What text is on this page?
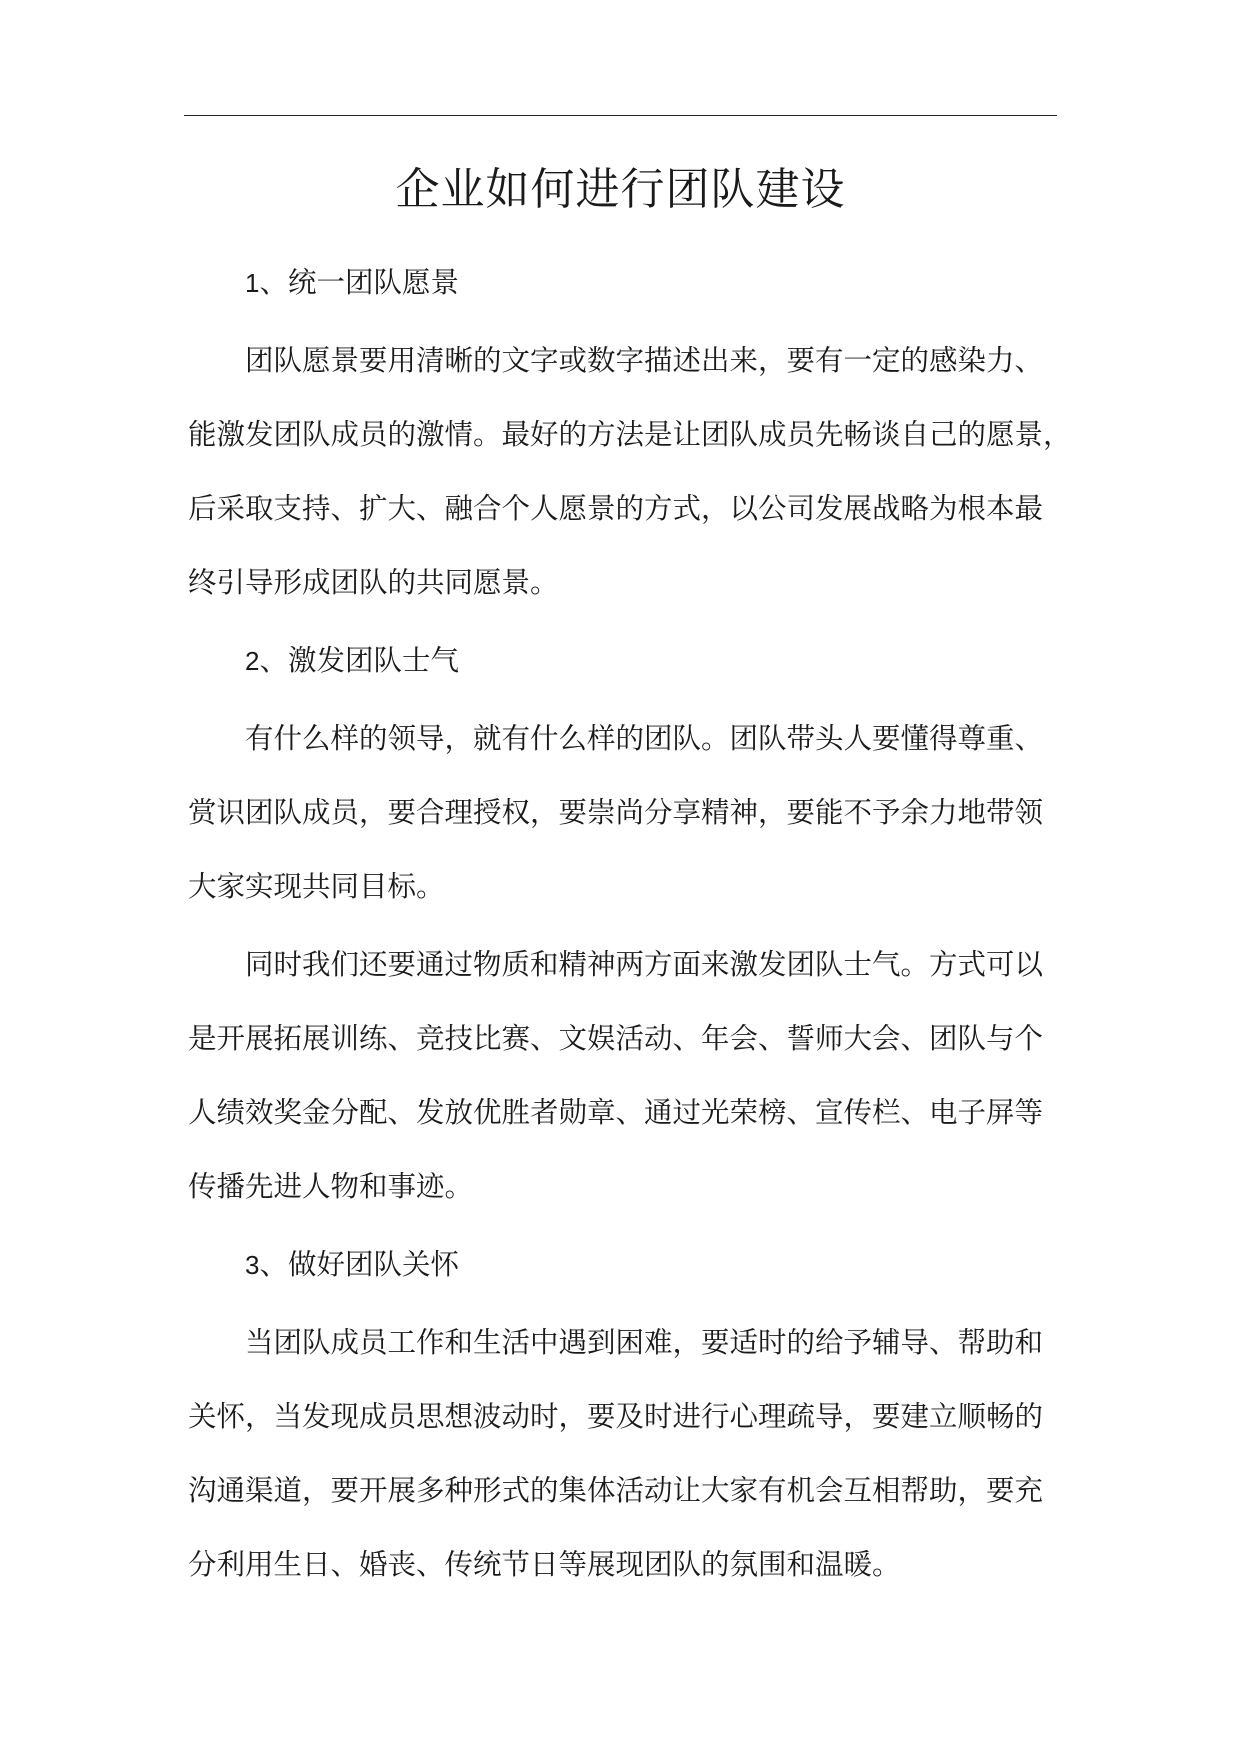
企业如何进行团队建设
1、统一团队愿景
团队愿景要用清晰的文字或数字描述出来，要有一定的感染力、
能激发团队成员的激情。最好的方法是让团队成员先畅谈自己的愿景，
后采取支持、扩大、融合个人愿景的方式，以公司发展战略为根本最
终引导形成团队的共同愿景。
2、激发团队士气
有什么样的领导，就有什么样的团队。团队带头人要懂得尊重、
赏识团队成员，要合理授权，要崇尚分享精神，要能不予余力地带领
大家实现共同目标。
同时我们还要通过物质和精神两方面来激发团队士气。方式可以
是开展拓展训练、竞技比赛、文娱活动、年会、誓师大会、团队与个
人绩效奖金分配、发放优胜者勋章、通过光荣榜、宣传栏、电子屏等
传播先进人物和事迹。
3、做好团队关怀
当团队成员工作和生活中遇到困难，要适时的给予辅导、帮助和
关怀，当发现成员思想波动时，要及时进行心理疏导，要建立顺畅的
沟通渠道，要开展多种形式的集体活动让大家有机会互相帮助，要充
分利用生日、婚丧、传统节日等展现团队的氛围和温暖。
